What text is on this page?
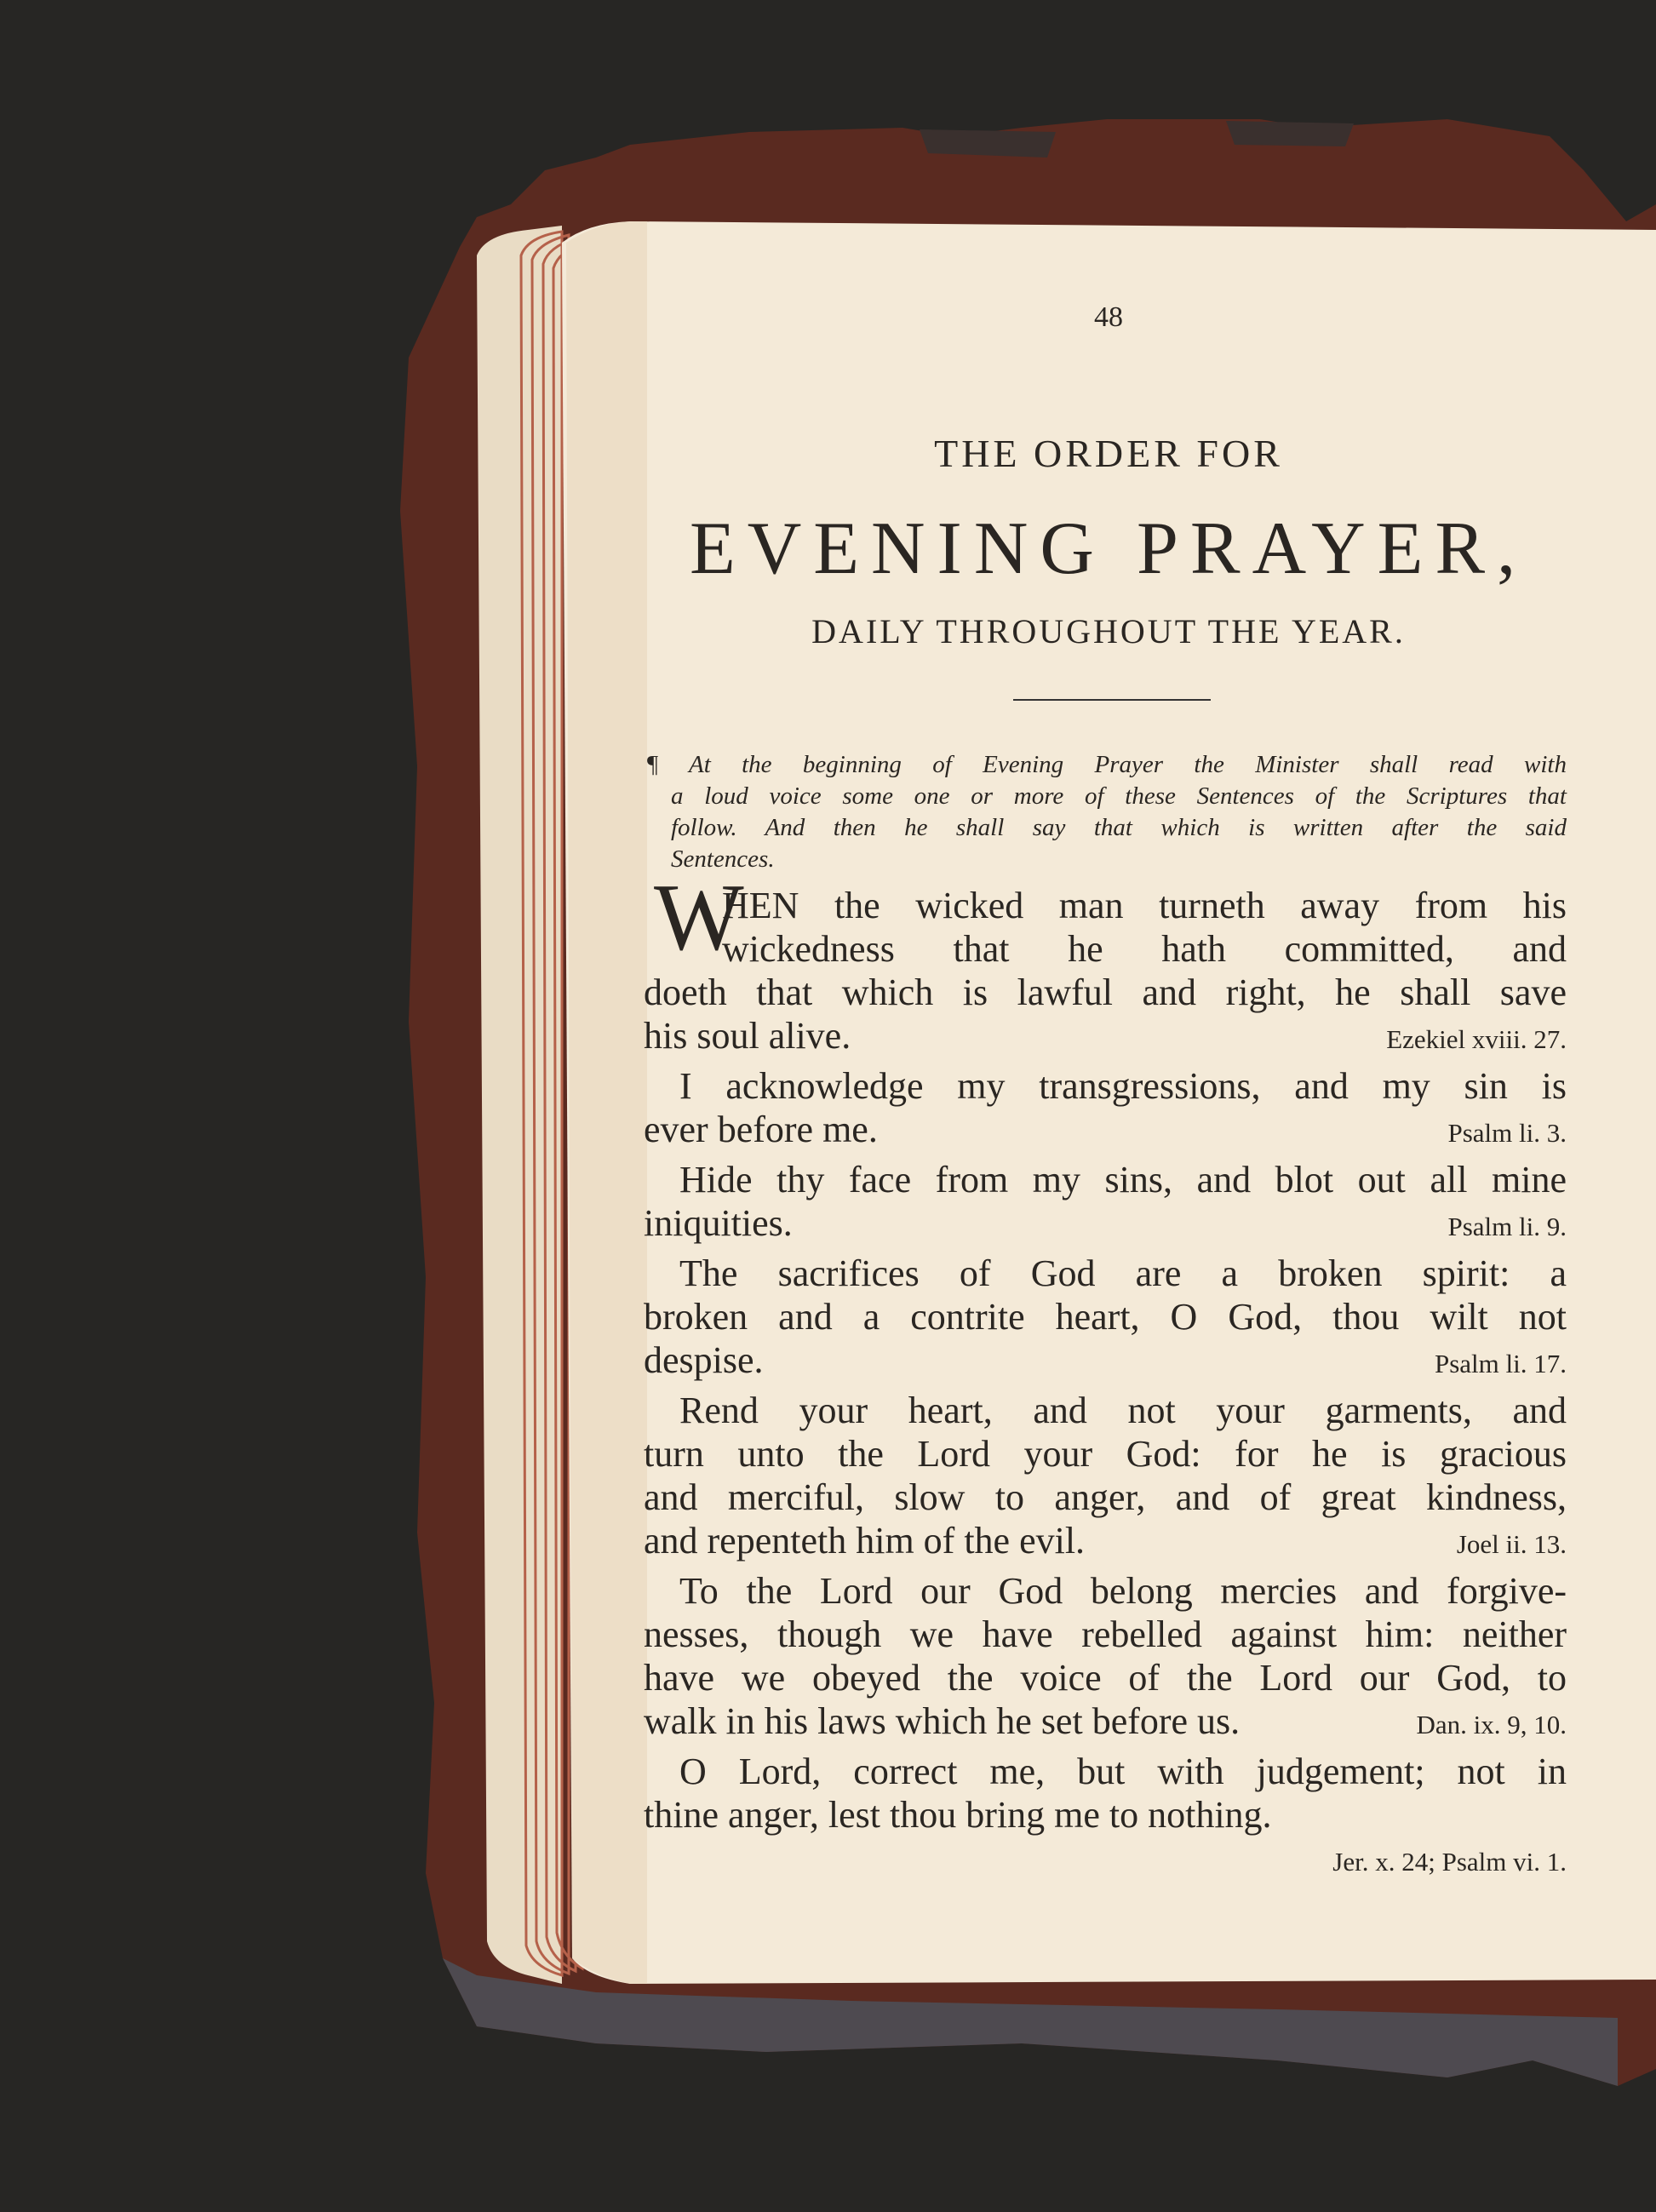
48
THE ORDER FOR
EVENING PRAYER,
DAILY THROUGHOUT THE YEAR.
¶ At the beginning of Evening Prayer the Minister shall read with
a loud voice some one or more of these Sentences of the Scriptures that
follow. And then he shall say that which is written after the said
Sentences.
W
HEN the wicked man turneth away from his
wickedness that he hath committed, and
doeth that which is lawful and right, he shall save
his soul alive.	Ezekiel xviii. 27.
I acknowledge my transgressions, and my sin is
ever before me.	Psalm li. 3.
Hide thy face from my sins, and blot out all mine
iniquities.	Psalm li. 9.
The sacrifices of God are a broken spirit: a
broken and a contrite heart, O God, thou wilt not
despise.	Psalm li. 17.
Rend your heart, and not your garments, and
turn unto the Lord your God: for he is gracious
and merciful, slow to anger, and of great kindness,
and repenteth him of the evil.	Joel ii. 13.
To the Lord our God belong mercies and forgive-
nesses, though we have rebelled against him: neither
have we obeyed the voice of the Lord our God, to
walk in his laws which he set before us.	Dan. ix. 9, 10.
O Lord, correct me, but with judgement; not in
thine anger, lest thou bring me to nothing.
Jer. x. 24; Psalm vi. 1.
